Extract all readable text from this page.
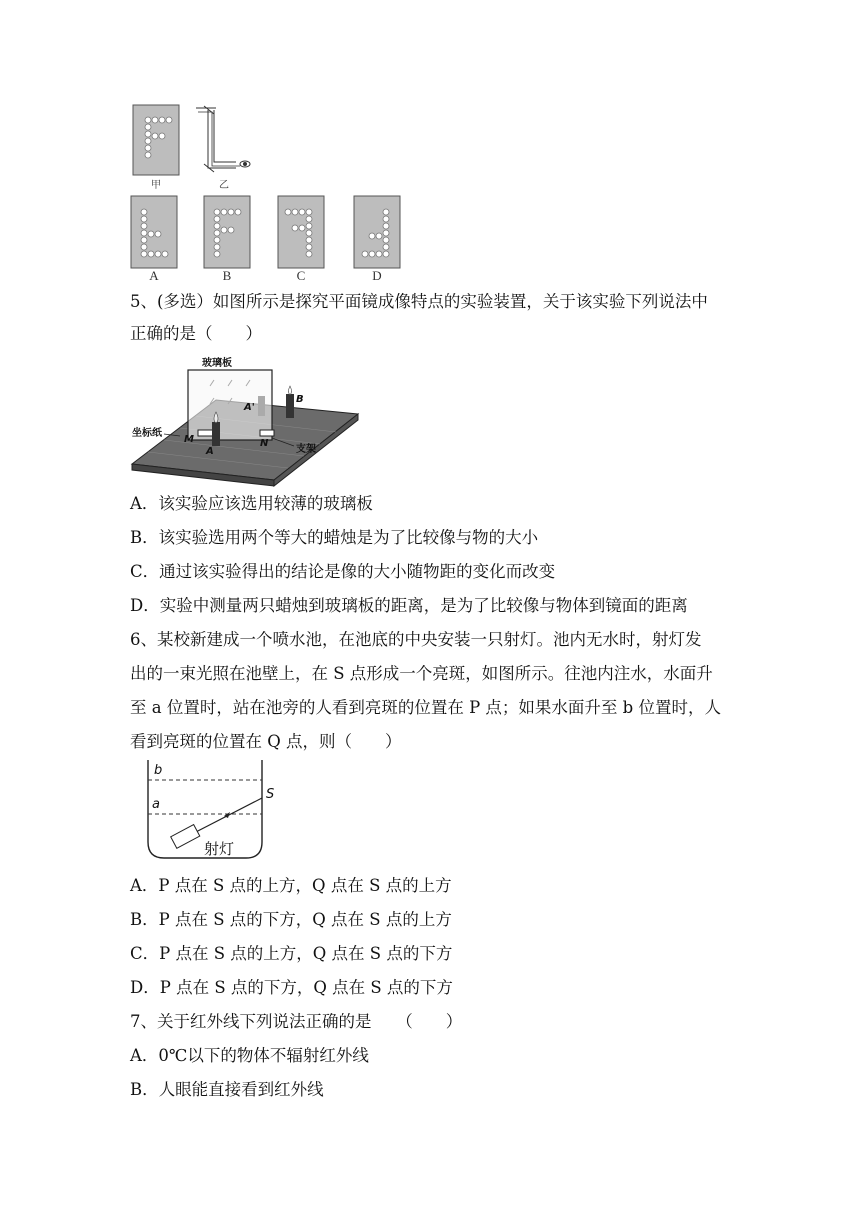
甲	乙
A	B	C	D
5、(多选）如图所示是探究平面镜成像特点的实验装置，关于该实验下列说法中
正确的是（　　）
玻璃板
坐标纸
支架
A
A'
B
M	N
A．该实验应该选用较薄的玻璃板
B．该实验选用两个等大的蜡烛是为了比较像与物的大小
C．通过该实验得出的结论是像的大小随物距的变化而改变
D．实验中测量两只蜡烛到玻璃板的距离，是为了比较像与物体到镜面的距离
6、某校新建成一个喷水池，在池底的中央安装一只射灯。池内无水时，射灯发
出的一束光照在池壁上，在 S 点形成一个亮斑，如图所示。往池内注水，水面升
至 a 位置时，站在池旁的人看到亮斑的位置在 P 点；如果水面升至 b 位置时，人
看到亮斑的位置在 Q 点，则（　　）
b
a
S
射灯
A．P 点在 S 点的上方，Q 点在 S 点的上方
B．P 点在 S 点的下方，Q 点在 S 点的上方
C．P 点在 S 点的上方，Q 点在 S 点的下方
D．P 点在 S 点的下方，Q 点在 S 点的下方
7、关于红外线下列说法正确的是　　（　　）
A．0℃以下的物体不辐射红外线
B．人眼能直接看到红外线
